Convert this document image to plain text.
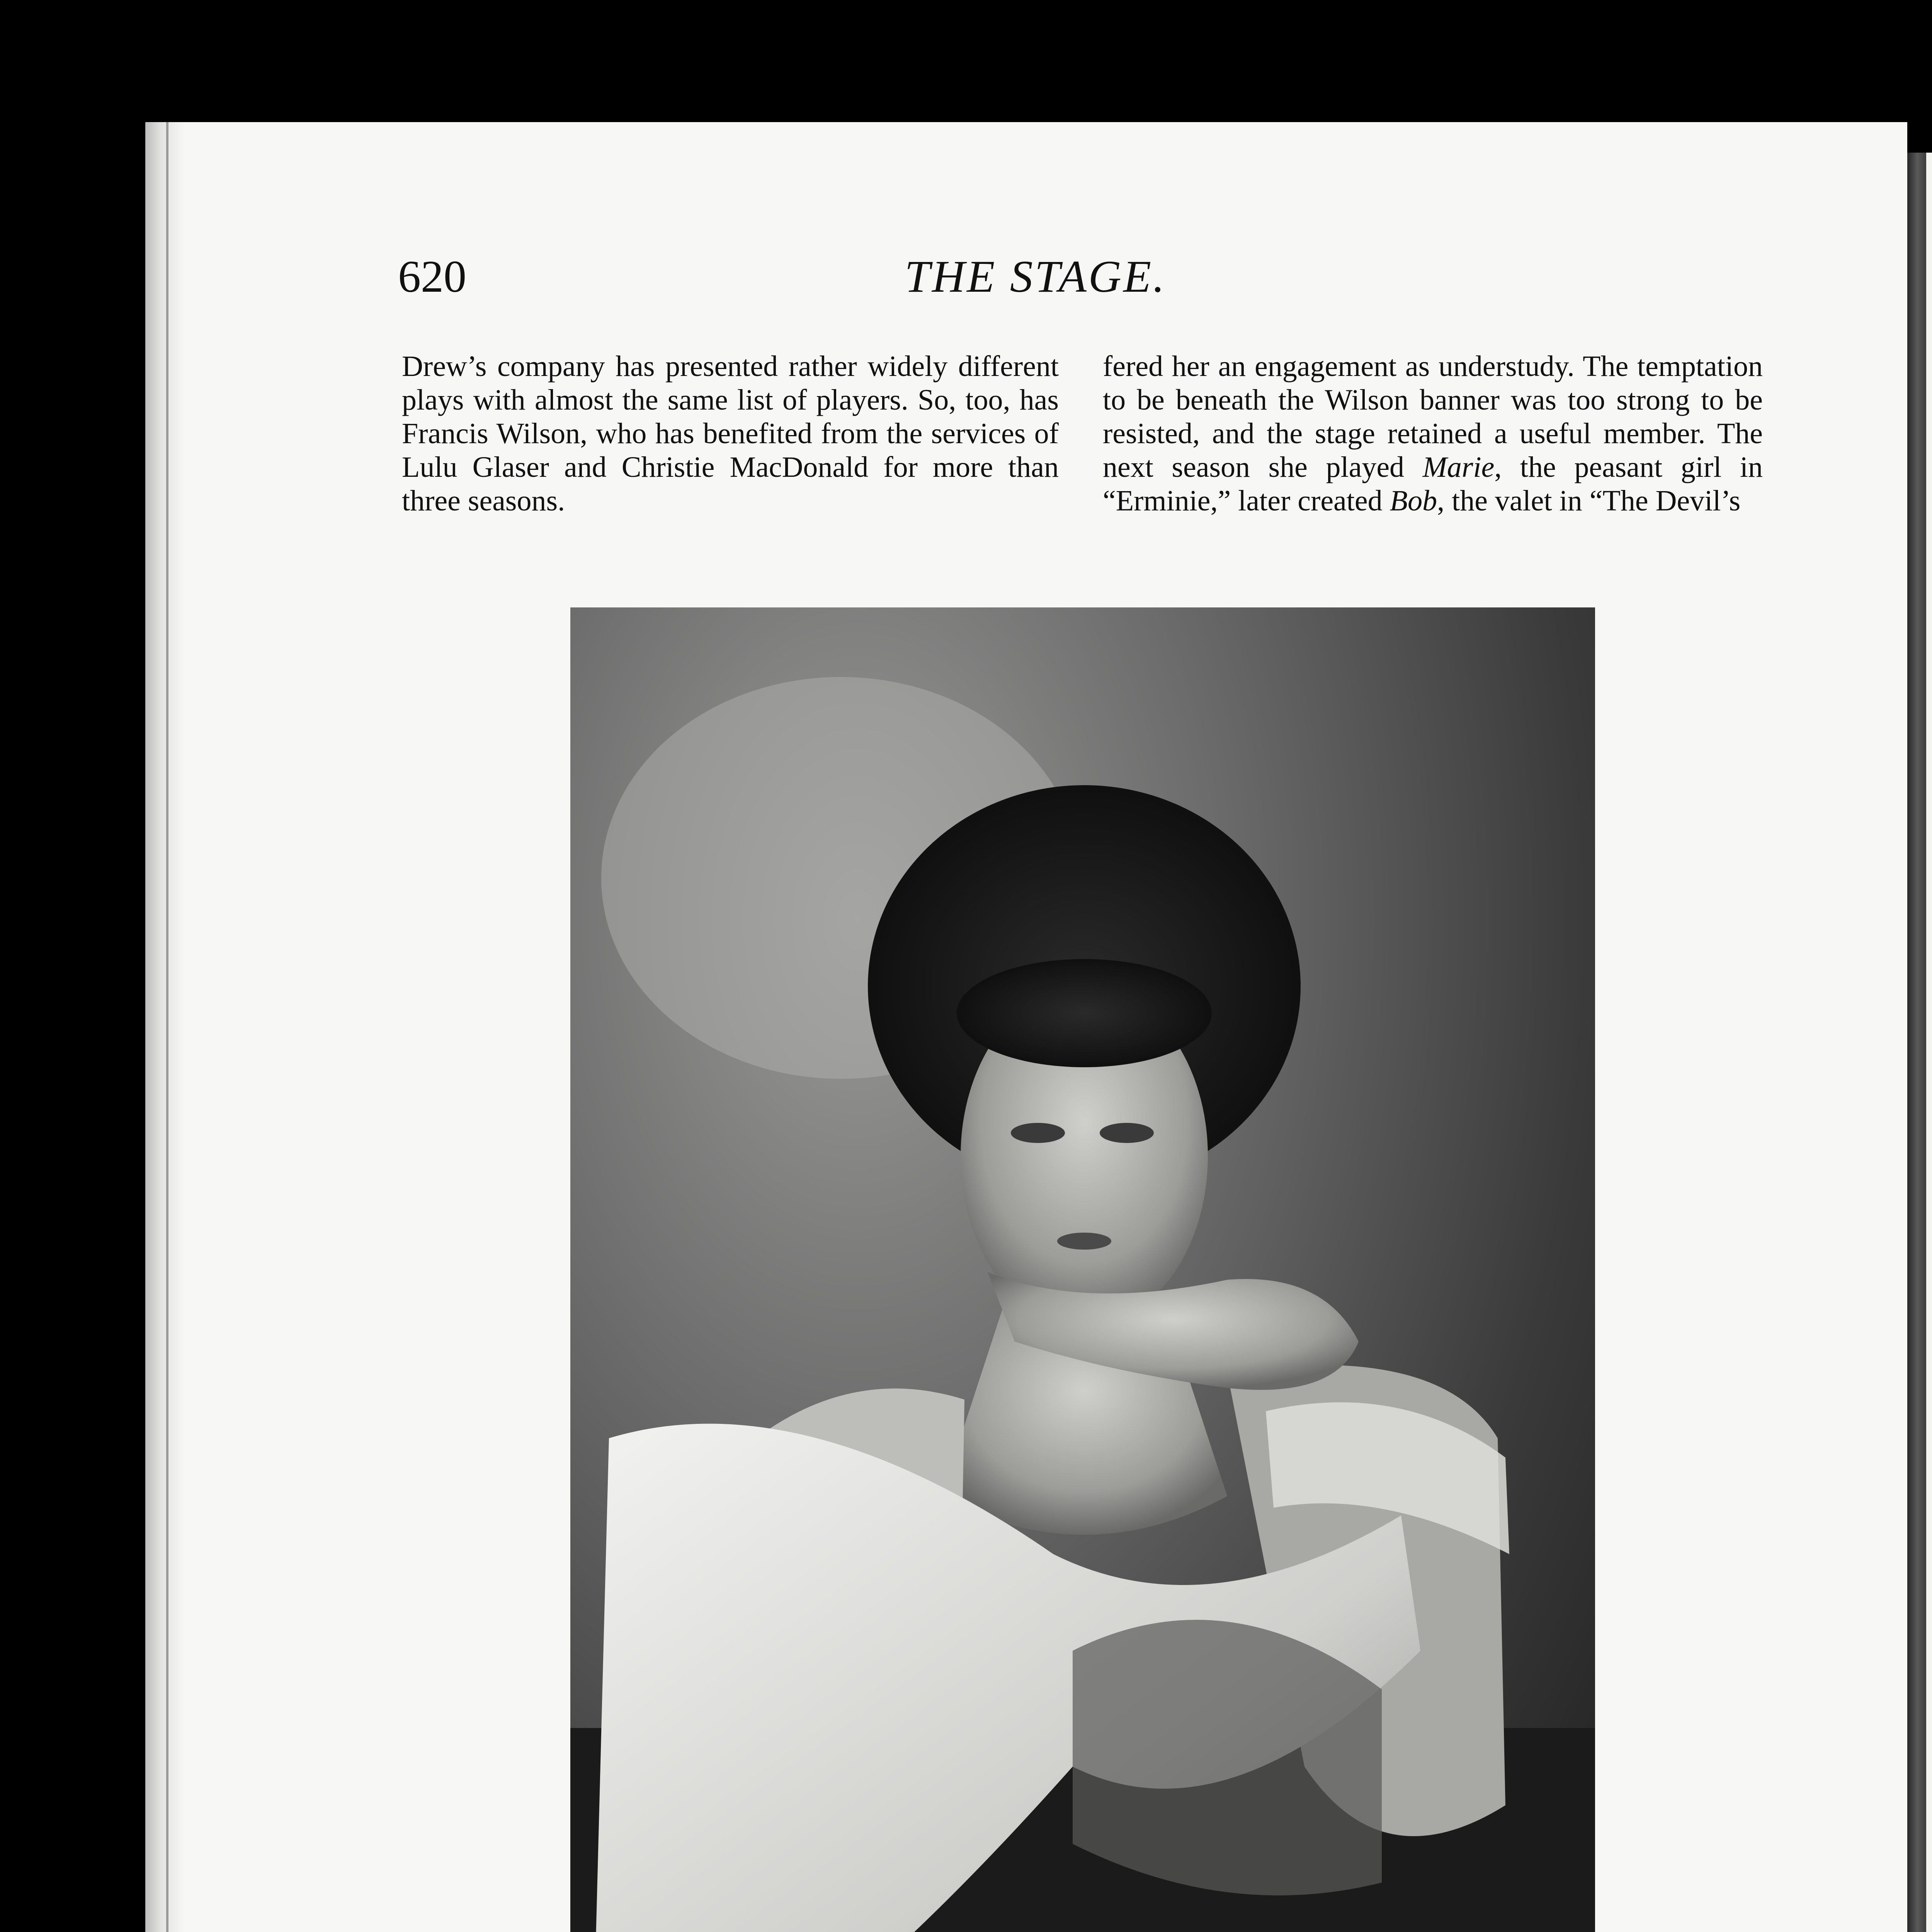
620	THE STAGE.

Drew’s company has presented rather widely different plays with almost the same list of players. So, too, has Francis Wilson, who has benefited from the services of Lulu Glaser and Christie MacDonald for more than three seasons.

fered her an engagement as understudy. The temptation to be beneath the Wilson banner was too strong to be resisted, and the stage retained a useful member. The next season she played Marie, the peasant girl in “Erminie,” later created Bob, the valet in “The Devil’s
